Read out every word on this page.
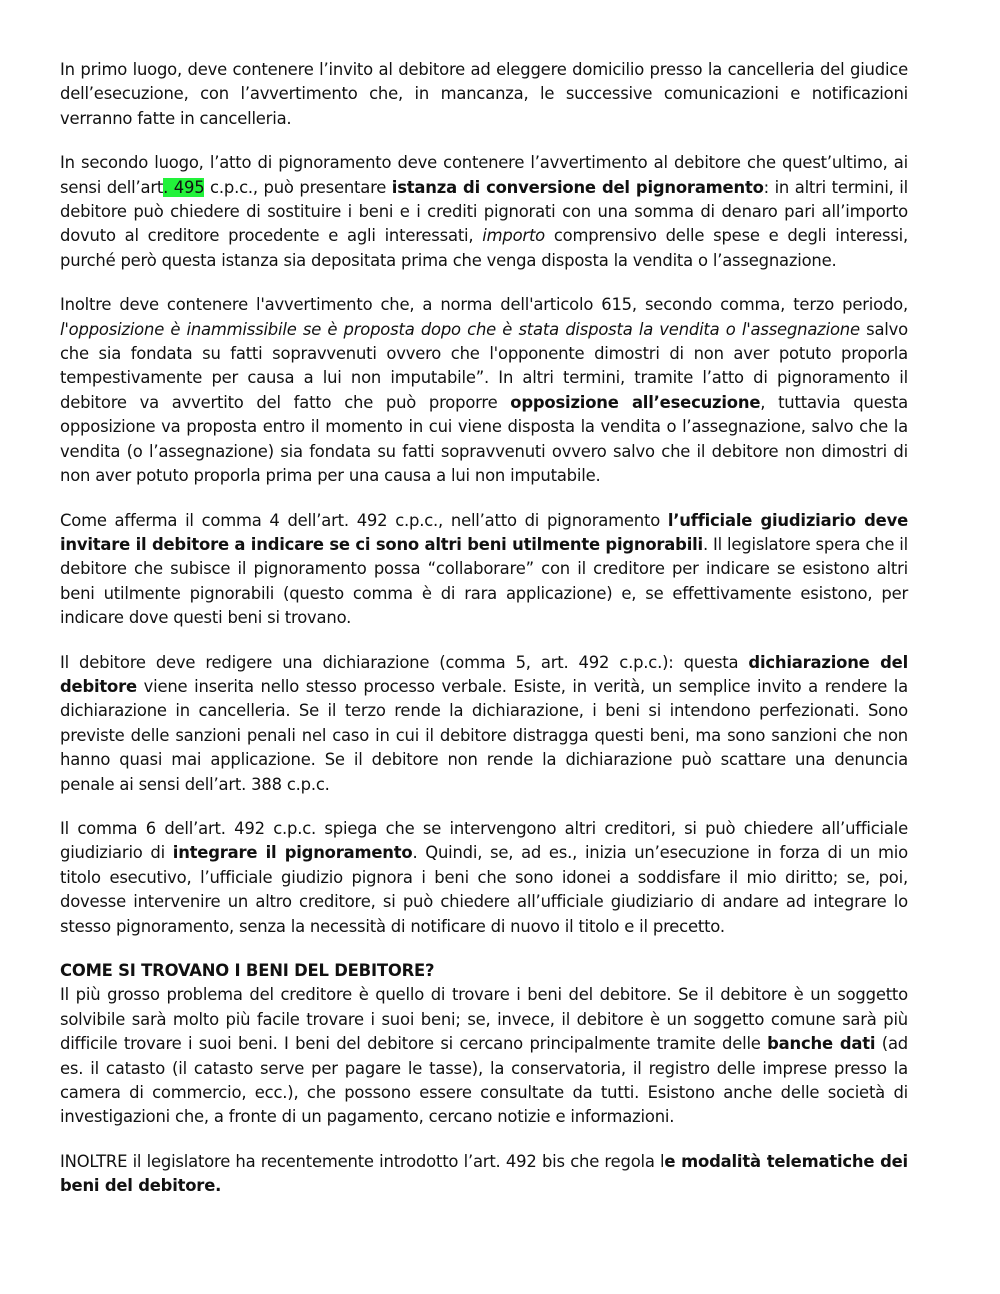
In primo luogo, deve contenere l’invito al debitore ad eleggere domicilio presso la cancelleria del giudice dell’esecuzione, con l’avvertimento che, in mancanza, le successive comunicazioni e notificazioni verranno fatte in cancelleria.

In secondo luogo, l’atto di pignoramento deve contenere l’avvertimento al debitore che quest’ultimo, ai sensi dell’art. 495 c.p.c., può presentare istanza di conversione del pignoramento: in altri termini, il debitore può chiedere di sostituire i beni e i crediti pignorati con una somma di denaro pari all’importo dovuto al creditore procedente e agli interessati, importo comprensivo delle spese e degli interessi, purché però questa istanza sia depositata prima che venga disposta la vendita o l’assegnazione.

Inoltre deve contenere l'avvertimento che, a norma dell'articolo 615, secondo comma, terzo periodo, l'opposizione è inammissibile se è proposta dopo che è stata disposta la vendita o l'assegnazione salvo che sia fondata su fatti sopravvenuti ovvero che l'opponente dimostri di non aver potuto proporla tempestivamente per causa a lui non imputabile”. In altri termini, tramite l’atto di pignoramento il debitore va avvertito del fatto che può proporre opposizione all’esecuzione, tuttavia questa opposizione va proposta entro il momento in cui viene disposta la vendita o l’assegnazione, salvo che la vendita (o l’assegnazione) sia fondata su fatti sopravvenuti ovvero salvo che il debitore non dimostri di non aver potuto proporla prima per una causa a lui non imputabile.

Come afferma il comma 4 dell’art. 492 c.p.c., nell’atto di pignoramento l’ufficiale giudiziario deve invitare il debitore a indicare se ci sono altri beni utilmente pignorabili. Il legislatore spera che il debitore che subisce il pignoramento possa “collaborare” con il creditore per indicare se esistono altri beni utilmente pignorabili (questo comma è di rara applicazione) e, se effettivamente esistono, per indicare dove questi beni si trovano.

Il debitore deve redigere una dichiarazione (comma 5, art. 492 c.p.c.): questa dichiarazione del debitore viene inserita nello stesso processo verbale. Esiste, in verità, un semplice invito a rendere la dichiarazione in cancelleria. Se il terzo rende la dichiarazione, i beni si intendono perfezionati. Sono previste delle sanzioni penali nel caso in cui il debitore distragga questi beni, ma sono sanzioni che non hanno quasi mai applicazione. Se il debitore non rende la dichiarazione può scattare una denuncia penale ai sensi dell’art. 388 c.p.c.

Il comma 6 dell’art. 492 c.p.c. spiega che se intervengono altri creditori, si può chiedere all’ufficiale giudiziario di integrare il pignoramento. Quindi, se, ad es., inizia un’esecuzione in forza di un mio titolo esecutivo, l’ufficiale giudizio pignora i beni che sono idonei a soddisfare il mio diritto; se, poi, dovesse intervenire un altro creditore, si può chiedere all’ufficiale giudiziario di andare ad integrare lo stesso pignoramento, senza la necessità di notificare di nuovo il titolo e il precetto.

COME SI TROVANO I BENI DEL DEBITORE?

Il più grosso problema del creditore è quello di trovare i beni del debitore. Se il debitore è un soggetto solvibile sarà molto più facile trovare i suoi beni; se, invece, il debitore è un soggetto comune sarà più difficile trovare i suoi beni. I beni del debitore si cercano principalmente tramite delle banche dati (ad es. il catasto (il catasto serve per pagare le tasse), la conservatoria, il registro delle imprese presso la camera di commercio, ecc.), che possono essere consultate da tutti. Esistono anche delle società di investigazioni che, a fronte di un pagamento, cercano notizie e informazioni.

INOLTRE il legislatore ha recentemente introdotto l’art. 492 bis che regola le modalità telematiche dei beni del debitore.
